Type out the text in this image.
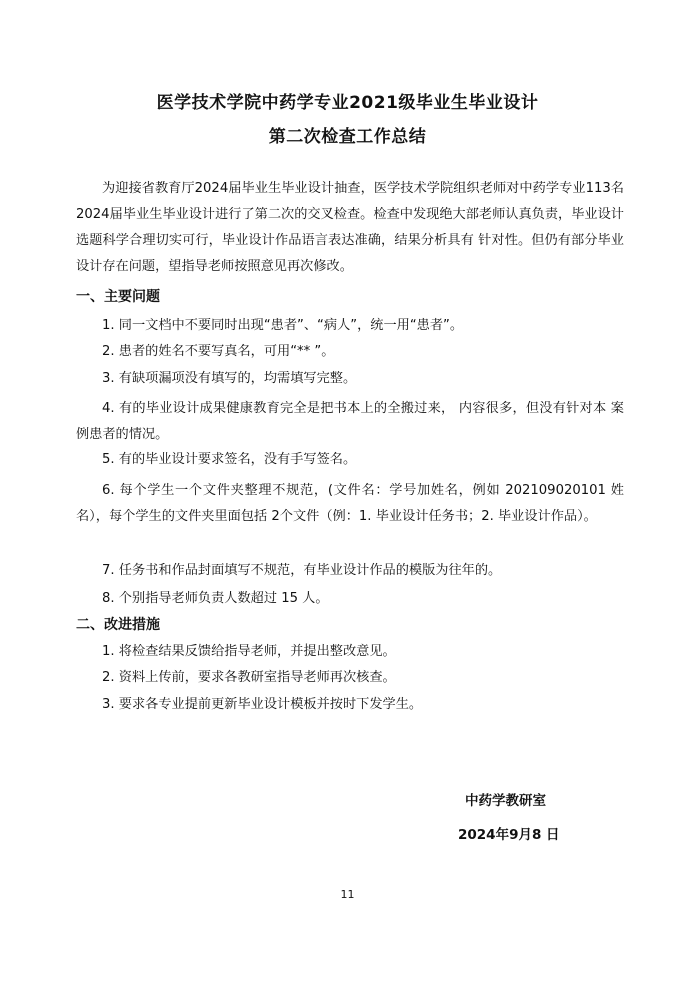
医学技术学院中药学专业2021级毕业生毕业设计
第二次检查工作总结
为迎接省教育厅2024届毕业生毕业设计抽查，医学技术学院组织老师对中药学专业113名2024届毕业生毕业设计进行了第二次的交叉检查。检查中发现绝大部老师认真负责，毕业设计选题科学合理切实可行，毕业设计作品语言表达准确，结果分析具有 针对性。但仍有部分毕业设计存在问题，望指导老师按照意见再次修改。
一、主要问题
1. 同一文档中不要同时出现“患者”、“病人”，统一用“患者”。
2. 患者的姓名不要写真名，可用“** ”。
3. 有缺项漏项没有填写的，均需填写完整。
4. 有的毕业设计成果健康教育完全是把书本上的全搬过来， 内容很多，但没有针对本 案例患者的情况。
5. 有的毕业设计要求签名，没有手写签名。
6. 每个学生一个文件夹整理不规范，(文件名：学号加姓名，例如 202109020101 姓 名），每个学生的文件夹里面包括 2个文件（例：1. 毕业设计任务书；2. 毕业设计作品）。
7. 任务书和作品封面填写不规范，有毕业设计作品的模版为往年的。
8. 个别指导老师负责人数超过 15 人。
二、改进措施
1. 将检查结果反馈给指导老师，并提出整改意见。
2. 资料上传前，要求各教研室指导老师再次核查。
3. 要求各专业提前更新毕业设计模板并按时下发学生。
中药学教研室
2024年9月8 日
11
